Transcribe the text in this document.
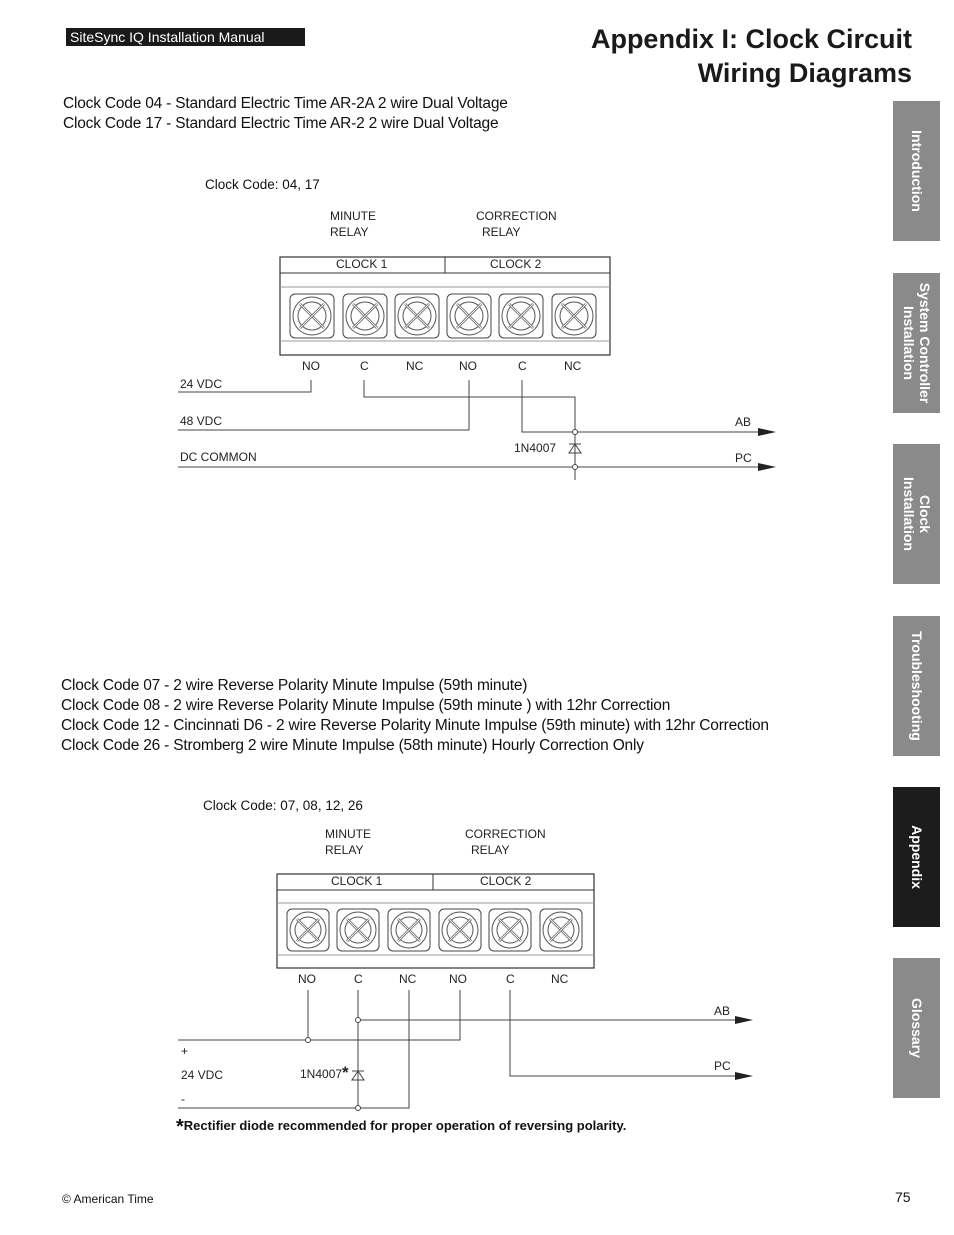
SiteSync IQ Installation Manual	Appendix I: Clock Circuit
Wiring Diagrams
Clock Code 04 - Standard Electric Time AR-2A 2 wire Dual Voltage
Clock Code 17 - Standard Electric Time AR-2 2 wire Dual Voltage
Clock Code: 04, 17
MINUTE
RELAY
CORRECTION
RELAY
CLOCK 1	CLOCK 2
NO	C	NC	NO	C	NC
24 VDC
48 VDC
DC COMMON
1N4007
AB
PC
Clock Code 07 - 2 wire Reverse Polarity Minute Impulse (59th minute)
Clock Code 08 - 2 wire Reverse Polarity Minute Impulse (59th minute ) with 12hr Correction
Clock Code 12 - Cincinnati D6 - 2 wire Reverse Polarity Minute Impulse (59th minute) with 12hr Correction
Clock Code 26 - Stromberg 2 wire Minute Impulse (58th minute) Hourly Correction Only
Clock Code: 07, 08, 12, 26
MINUTE
RELAY
CORRECTION
RELAY
CLOCK 1	CLOCK 2
NO	C	NC	NO	C	NC
+
24 VDC
-
1N4007 *
AB
PC
*Rectifier diode recommended for proper operation of reversing polarity.
Introduction
System Controller
Installation
Clock
Installation
Troubleshooting
Appendix
Glossary
© American Time	75
